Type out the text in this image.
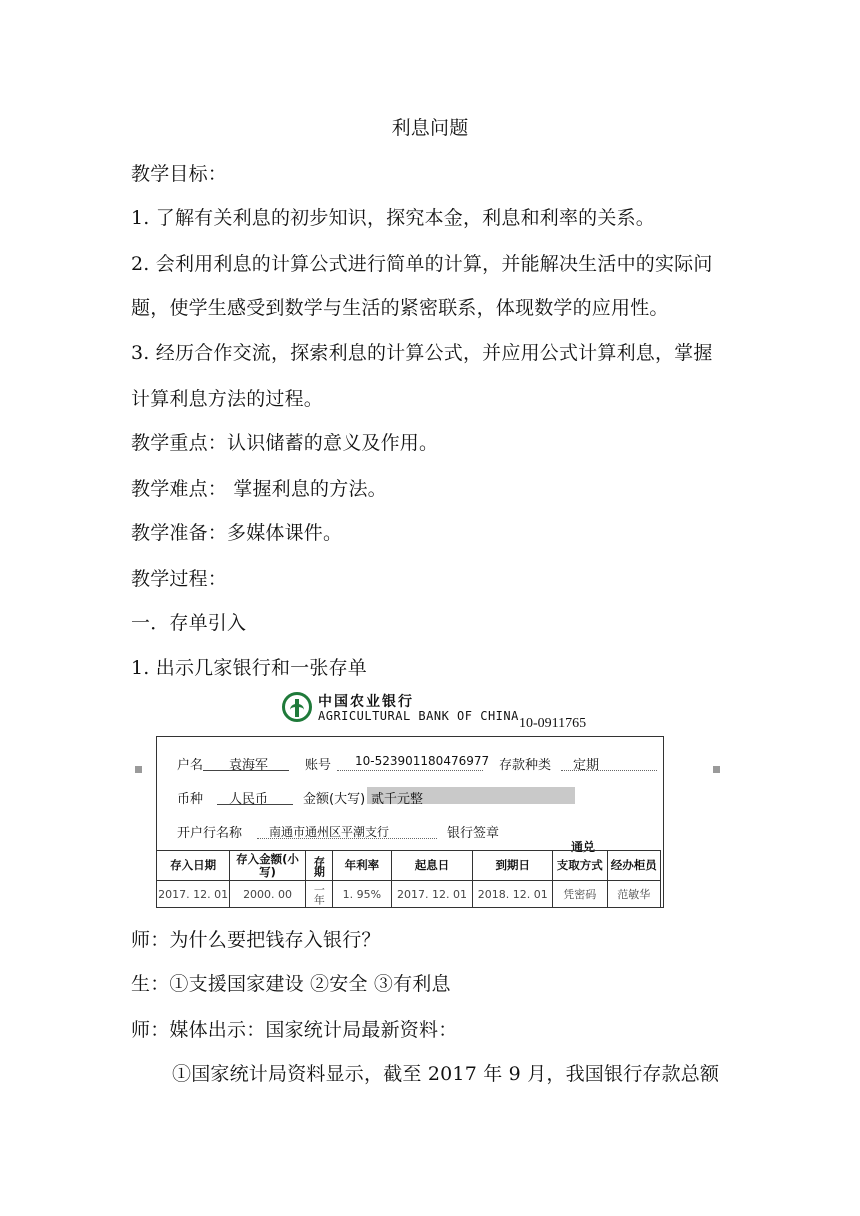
利息问题
教学目标：
1. 了解有关利息的初步知识，探究本金，利息和利率的关系。
2. 会利用利息的计算公式进行简单的计算，并能解决生活中的实际问
题，使学生感受到数学与生活的紧密联系，体现数学的应用性。
3. 经历合作交流，探索利息的计算公式，并应用公式计算利息，掌握
计算利息方法的过程。
教学重点：认识储蓄的意义及作用。
教学难点： 掌握利息的方法。
教学准备：多媒体课件。
教学过程：
一．存单引入
1. 出示几家银行和一张存单
中国农业银行
AGRICULTURAL BANK OF CHINA 10-0911765
户名 袁海军	账号 10-523901180476977 存款种类 定期
币种 人民币	金额(大写) 贰千元整
开户行名称 南通市通州区平潮支行	银行签章
通兑
存入日期	存入金额(小写)	存期	年利率	起息日	到期日	支取方式	经办柜员
2017. 12. 01	2000. 00	一年	1. 95%	2017. 12. 01	2018. 12. 01	凭密码	范敏华
师：为什么要把钱存入银行？
生：①支援国家建设 ②安全 ③有利息
师：媒体出示：国家统计局最新资料：
①国家统计局资料显示，截至 2017 年 9 月，我国银行存款总额
